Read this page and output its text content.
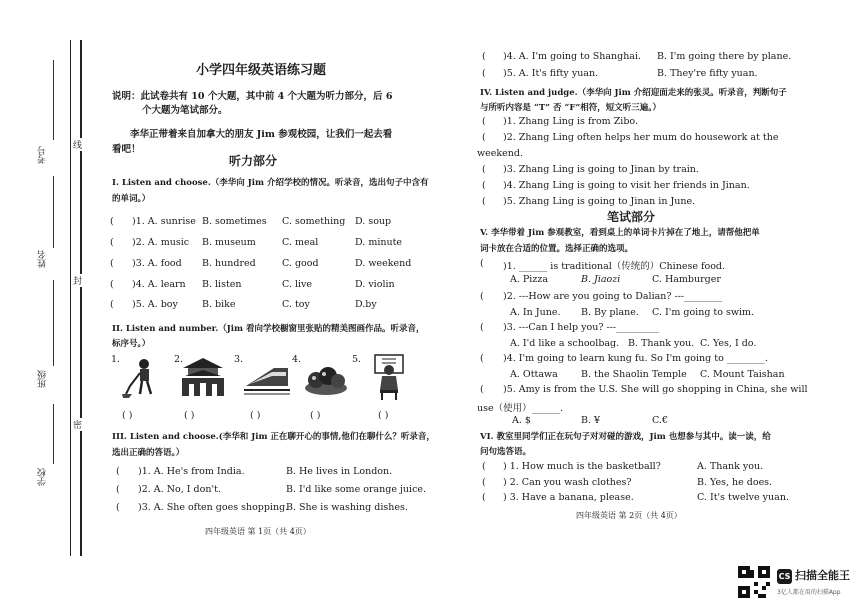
考号
姓名
班级
学校
线
封
密
小学四年级英语练习题
说明：此试卷共有 10 个大题，其中前 4 个大题为听力部分，后 6
个大题为笔试部分。
李华正带着来自加拿大的朋友 Jim 参观校园，让我们一起去看
看吧！
听力部分
I. Listen and choose.（李华向 Jim 介绍学校的情况。听录音，选出句子中含有
的单词。）
( )1. A. sunrise B. sometimes C. something D. soup
( )2. A. music B. museum	C. meal	D. minute
( )3. A. food B. hundred	C. good	D. weekend
( )4. A. learn B. listen	C. live	D. violin
( )5. A. boy	B. bike	C. toy	D.by
II. Listen and number.（Jim 看向学校橱窗里张贴的精美图画作品。听录音，
标序号。）
1.	2.	3.	4.	5.
( )	( )	( )	( )	( )
III. Listen and choose.(李华和 Jim 正在聊开心的事情,他们在聊什么？听录音，
选出正确的答语。）
( )1. A. He's from India.	B. He lives in London.
( )2. A. No, I don't.	B. I'd like some orange juice.
( )3. A. She often goes shopping.
B. She is washing dishes.
四年级英语 第 1页（共 4页）
( )4. A. I'm going to Shanghai. B. I'm going there by plane.
( )5. A. It's fifty yuan.	B. They're fifty yuan.
IV. Listen and judge.（李华向 Jim 介绍迎面走来的张灵。听录音，判断句子
与所听内容是 “T” 否 “F”相符，短文听三遍。）
( )1. Zhang Ling is from Zibo.
( )2. Zhang Ling often helps her mum do housework at the
weekend.
( )3. Zhang Ling is going to Jinan by train.
( )4. Zhang Ling is going to visit her friends in Jinan.
( )5. Zhang Ling is going to Jinan in June.
笔试部分
V. 李华带着 Jim 参观教室，看到桌上的单词卡片掉在了地上，请帮他把单
词卡放在合适的位置。选择正确的选项。
( )1. ______ is traditional（传统的）Chinese food.
A. Pizza	B. Jiaozi	C. Hamburger
( )2. ---How are you going to Dalian? ---________
A. In June. B. By plane. C. I'm going to swim.
( )3. ---Can I help you? ---_________
A. I'd like a schoolbag. B. Thank you. C. Yes, I do.
( )4. I'm going to learn kung fu. So I'm going to ________.
A. Ottawa B. the Shaolin Temple C. Mount Taishan
( )5. Amy is from the U.S. She will go shopping in China, she will
use（使用）______.
A. $	B. ¥	C.€
VI. 教室里同学们正在玩句子对对碰的游戏，Jim 也想参与其中。读一读，给
问句选答语。
( ) 1. How much is the basketball?	A. Thank you.
( ) 2. Can you wash clothes?	B. Yes, he does.
( ) 3. Have a banana, please.	C. It's twelve yuan.
四年级英语 第 2页（共 4页）
CS 扫描全能王
3亿人都在用的扫描App
